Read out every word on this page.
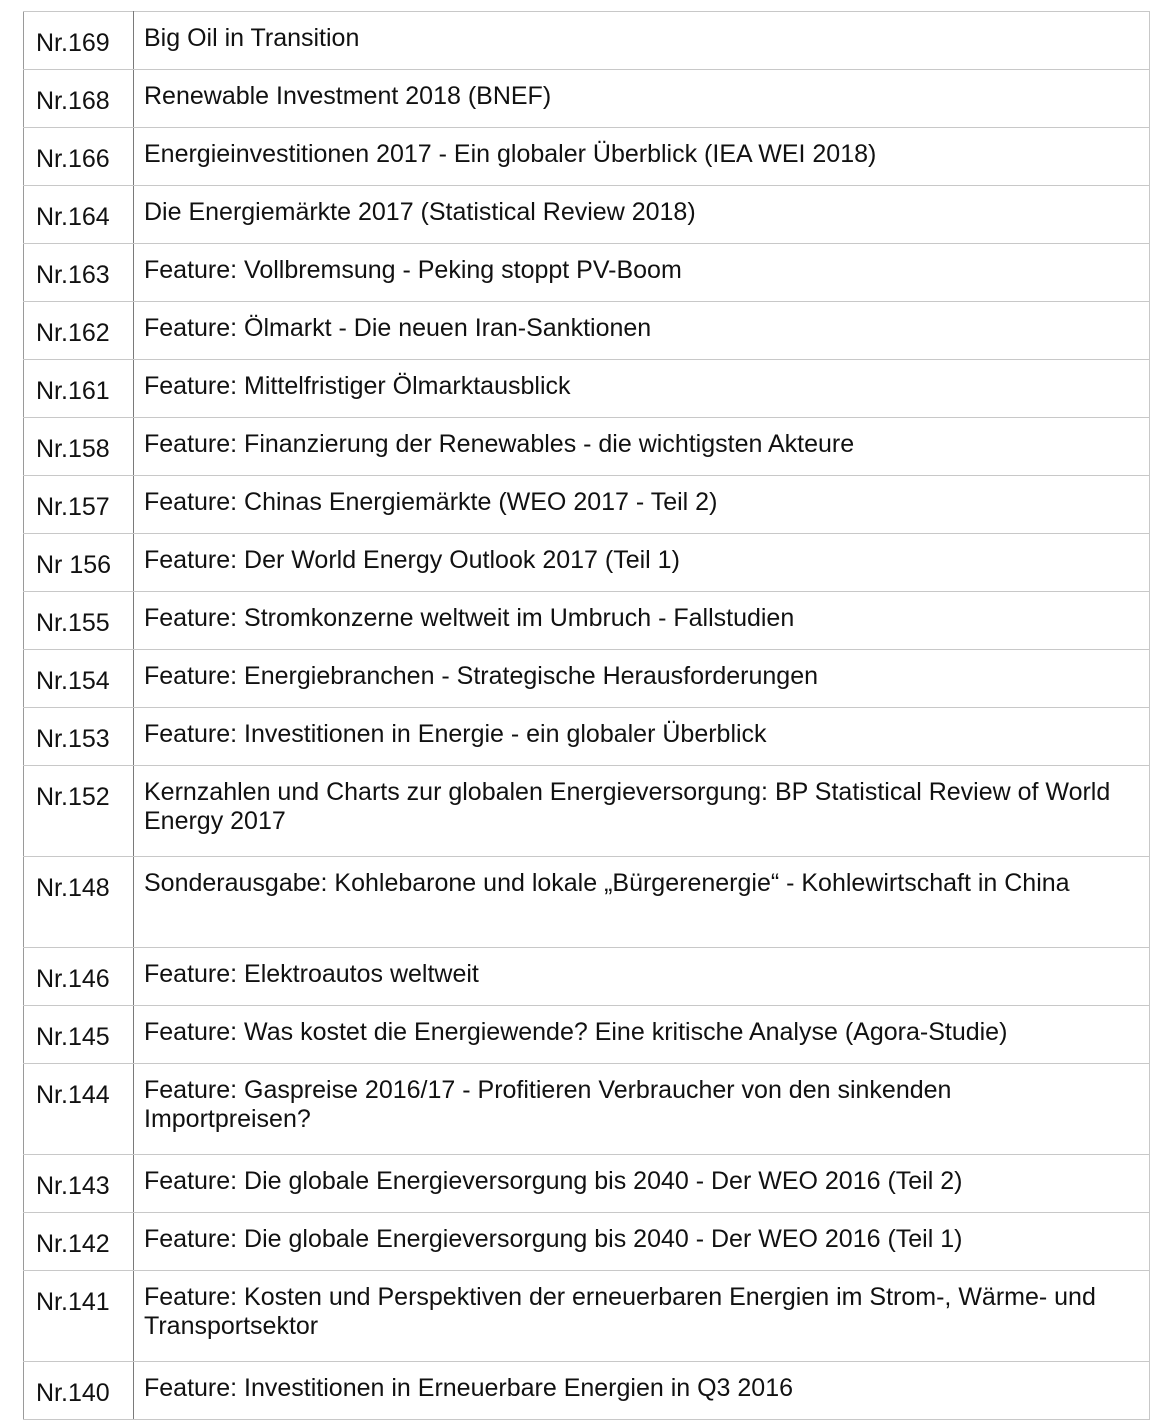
Nr.169	Big Oil in Transition
Nr.168	Renewable Investment 2018 (BNEF)
Nr.166	Energieinvestitionen 2017 - Ein globaler Überblick (IEA WEI 2018)
Nr.164	Die Energiemärkte 2017 (Statistical Review 2018)
Nr.163	Feature: Vollbremsung - Peking stoppt PV-Boom
Nr.162	Feature: Ölmarkt - Die neuen Iran-Sanktionen
Nr.161	Feature: Mittelfristiger Ölmarktausblick
Nr.158	Feature: Finanzierung der Renewables - die wichtigsten Akteure
Nr.157	Feature: Chinas Energiemärkte (WEO 2017 - Teil 2)
Nr 156	Feature: Der World Energy Outlook 2017 (Teil 1)
Nr.155	Feature: Stromkonzerne weltweit im Umbruch - Fallstudien
Nr.154	Feature: Energiebranchen - Strategische Herausforderungen
Nr.153	Feature: Investitionen in Energie - ein globaler Überblick
Nr.152	Kernzahlen und Charts zur globalen Energieversorgung: BP Statistical Review of World Energy 2017
Nr.148	Sonderausgabe: Kohlebarone und lokale „Bürgerenergie“ - Kohlewirtschaft in China
Nr.146	Feature: Elektroautos weltweit
Nr.145	Feature: Was kostet die Energiewende? Eine kritische Analyse (Agora-Studie)
Nr.144	Feature: Gaspreise 2016/17 - Profitieren Verbraucher von den sinkenden Importpreisen?
Nr.143	Feature: Die globale Energieversorgung bis 2040 - Der WEO 2016 (Teil 2)
Nr.142	Feature: Die globale Energieversorgung bis 2040 - Der WEO 2016 (Teil 1)
Nr.141	Feature: Kosten und Perspektiven der erneuerbaren Energien im Strom-, Wärme- und Transportsektor
Nr.140	Feature: Investitionen in Erneuerbare Energien in Q3 2016
